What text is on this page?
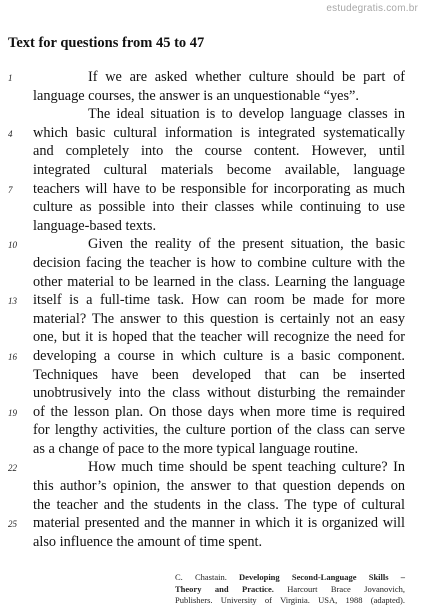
estudegratis.com.br
Text for questions from 45 to 47
1	If we are asked whether culture should be part of
language courses, the answer is an unquestionable “yes”.
The ideal situation is to develop language classes in
4	which basic cultural information is integrated systematically
and completely into the course content. However, until
integrated cultural materials become available, language
7	teachers will have to be responsible for incorporating as much
culture as possible into their classes while continuing to use
language-based texts.
10	Given the reality of the present situation, the basic
decision facing the teacher is how to combine culture with the
other material to be learned in the class. Learning the language
13	itself is a full-time task. How can room be made for more
material? The answer to this question is certainly not an easy
one, but it is hoped that the teacher will recognize the need for
16	developing a course in which culture is a basic component.
Techniques have been developed that can be inserted
unobtrusively into the class without disturbing the remainder
19	of the lesson plan. On those days when more time is required
for lengthy activities, the culture portion of the class can serve
as a change of pace to the more typical language routine.
22	How much time should be spent teaching culture? In
this author’s opinion, the answer to that question depends on
the teacher and the students in the class. The type of cultural
25	material presented and the manner in which it is organized will
also influence the amount of time spent.
C. Chastain. Developing Second-Language Skills –
Theory and Practice. Harcourt Brace Jovanovich,
Publishers. University of Virginia. USA, 1988 (adapted).
